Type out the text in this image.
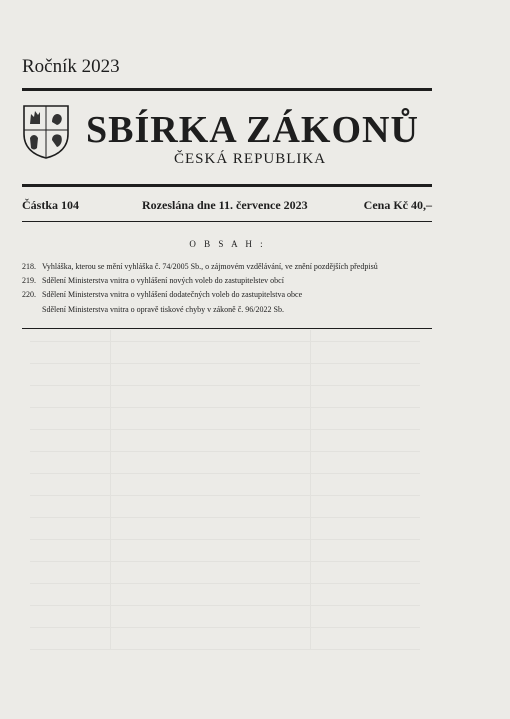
Ročník 2023
SBÍRKA ZÁKONŮ
ČESKÁ REPUBLIKA
Částka 104	Rozeslána dne 11. července 2023	Cena Kč 40,–
O B S A H :
218. Vyhláška, kterou se mění vyhláška č. 74/2005 Sb., o zájmovém vzdělávání, ve znění pozdějších předpisů
219. Sdělení Ministerstva vnitra o vyhlášení nových voleb do zastupitelstev obcí
220. Sdělení Ministerstva vnitra o vyhlášení dodatečných voleb do zastupitelstva obce
Sdělení Ministerstva vnitra o opravě tiskové chyby v zákoně č. 96/2022 Sb.
